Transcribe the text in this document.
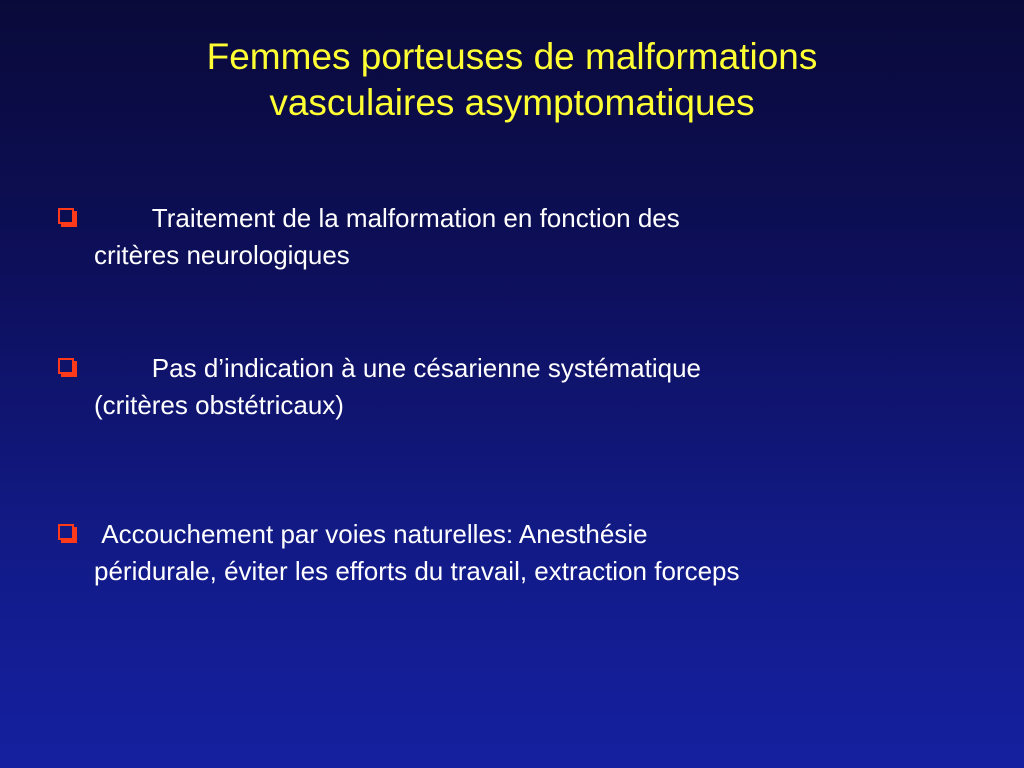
Femmes porteuses de malformations
vasculaires asymptomatiques
Traitement de la malformation en fonction des
critères neurologiques
Pas d’indication à une césarienne systématique
(critères obstétricaux)
Accouchement par voies naturelles: Anesthésie
péridurale, éviter les efforts du travail, extraction forceps
